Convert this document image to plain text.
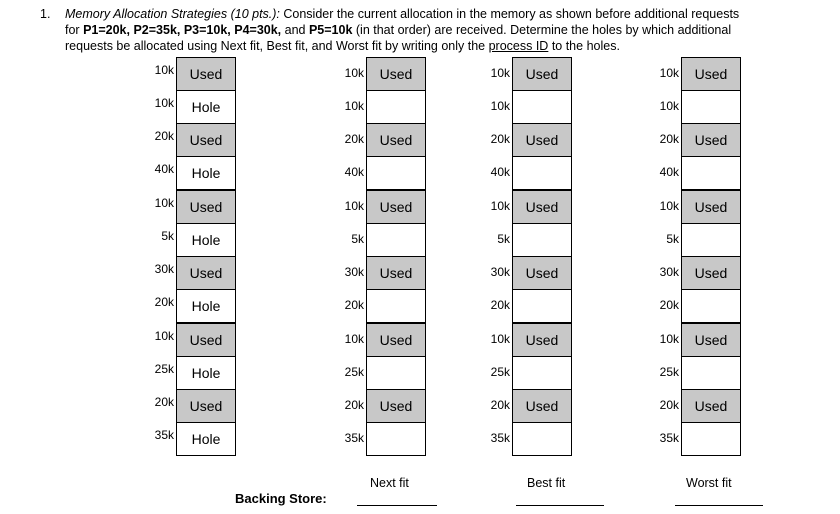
1. Memory Allocation Strategies (10 pts.): Consider the current allocation in the memory as shown before additional requests
for P1=20k, P2=35k, P3=10k, P4=30k, and P5=10k (in that order) are received. Determine the holes by which additional
requests be allocated using Next fit, Best fit, and Worst fit by writing only the process ID to the holes.
10k	Used
10k	Hole
20k	Used
40k	Hole
10k	Used
5k	Hole
30k	Used
20k	Hole
10k	Used
25k	Hole
20k	Used
35k	Hole
10k	Used
10k
20k	Used
40k
10k	Used
5k
30k	Used
20k
10k	Used
25k
20k	Used
35k
10k	Used
10k
20k	Used
40k
10k	Used
5k
30k	Used
20k
10k	Used
25k
20k	Used
35k
10k	Used
10k
20k	Used
40k
10k	Used
5k
30k	Used
20k
10k	Used
25k
20k	Used
35k
Next fit	Best fit	Worst fit
Backing Store:
